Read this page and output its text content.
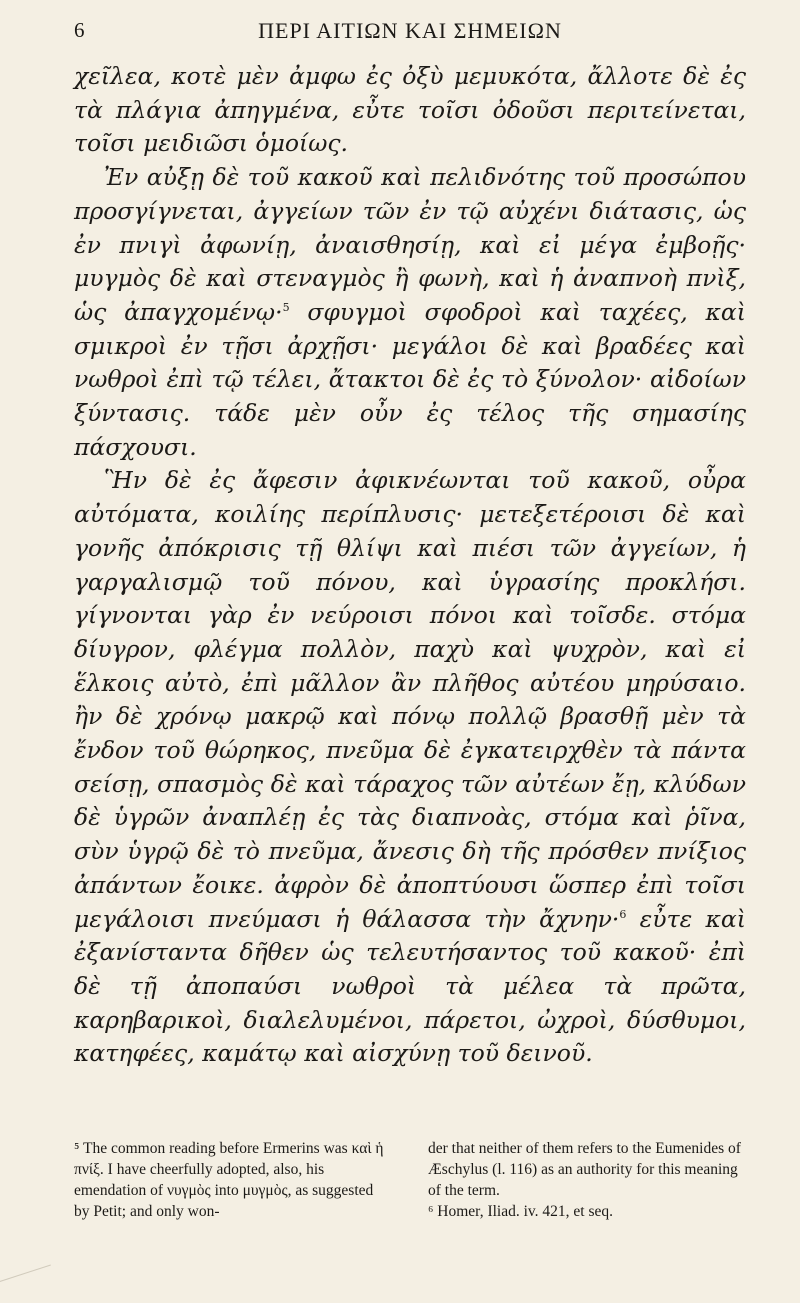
6	ΠΕΡΙ ΑΙΤΙΩΝ ΚΑΙ ΣΗΜΕΙΩΝ

χεῖλεα, κοτὲ μὲν ἀμφω ἐς ὀξὺ μεμυκότα, ἄλλοτε δὲ ἐς τὰ πλάγια ἀπηγμένα, εὖτε τοῖσι ὀδοῦσι περιτείνεται, τοῖσι μειδιῶσι ὁμοίως.

Ἐν αὐξῃ δὲ τοῦ κακοῦ καὶ πελιδνότης τοῦ προσώπου προσγίγνεται, ἀγγείων τῶν ἐν τῷ αὐχένι διάτασις, ὡς ἐν πνιγὶ ἀφωνίῃ, ἀναισθησίῃ, καὶ εἰ μέγα ἐμβοῇς· μυγμὸς δὲ καὶ στεναγμὸς ἢ φωνὴ, καὶ ἡ ἀναπνοὴ πνὶξ, ὡς ἀπαγχομένῳ·$^5$ σφυγμοὶ σφοδροὶ καὶ ταχέες, καὶ σμικροὶ ἐν τῇσι ἀρχῇσι· μεγάλοι δὲ καὶ βραδέες καὶ νωθροὶ ἐπὶ τῷ τέλει, ἄτακτοι δὲ ἐς τὸ ξύνολον· αἰδοίων ξύντασις. τάδε μὲν οὖν ἐς τέλος τῆς σημασίης πάσχουσι.

Ἣν δὲ ἐς ἄφεσιν ἀφικνέωνται τοῦ κακοῦ, οὖρα αὐτόματα, κοιλίης περίπλυσις· μετεξετέροισι δὲ καὶ γονῆς ἀπόκρισις τῇ θλίψι καὶ πιέσι τῶν ἀγγείων, ἡ γαργαλισμῷ τοῦ πόνου, καὶ ὑγρασίης προκλήσι. γίγνονται γὰρ ἐν νεύροισι πόνοι καὶ τοῖσδε. στόμα δίυγρον, φλέγμα πολλὸν, παχὺ καὶ ψυχρὸν, καὶ εἰ ἕλκοις αὐτὸ, ἐπὶ μᾶλλον ἂν πλῆθος αὐτέου μηρύσαιο. ἢν δὲ χρόνῳ μακρῷ καὶ πόνῳ πολλῷ βρασθῇ μὲν τὰ ἔνδον τοῦ θώρηκος, πνεῦμα δὲ ἐγκατειρχθὲν τὰ πάντα σείσῃ, σπασμὸς δὲ καὶ τάραχος τῶν αὐτέων ἔῃ, κλύδων δὲ ὑγρῶν ἀναπλέῃ ἐς τὰς διαπνοὰς, στόμα καὶ ῥῖνα, σὺν ὑγρῷ δὲ τὸ πνεῦμα, ἄνεσις δὴ τῆς πρόσθεν πνίξιος ἀπάντων ἔοικε. ἀφρὸν δὲ ἀποπτύουσι ὥσπερ ἐπὶ τοῖσι μεγάλοισι πνεύμασι ἡ θάλασσα τὴν ἄχνην·$^6$ εὖτε καὶ ἐξανίσταντα δῆθεν ὡς τελευτήσαντος τοῦ κακοῦ· ἐπὶ δὲ τῇ ἀποπαύσι νωθροὶ τὰ μέλεα τὰ πρῶτα, καρηβαρικοὶ, διαλελυμένοι, πάρετοι, ὠχροὶ, δύσθυμοι, κατηφέες, καμάτῳ καὶ αἰσχύνῃ τοῦ δεινοῦ.

⁵ The common reading before Ermerins was καὶ ἡ πνίξ. I have cheerfully adopted, also, his emendation of νυγμὸς into μυγμὸς, as suggested by Petit; and only won-
der that neither of them refers to the Eumenides of Æschylus (l. 116) as an authority for this meaning of the term.
⁶ Homer, Iliad. iv. 421, et seq.
